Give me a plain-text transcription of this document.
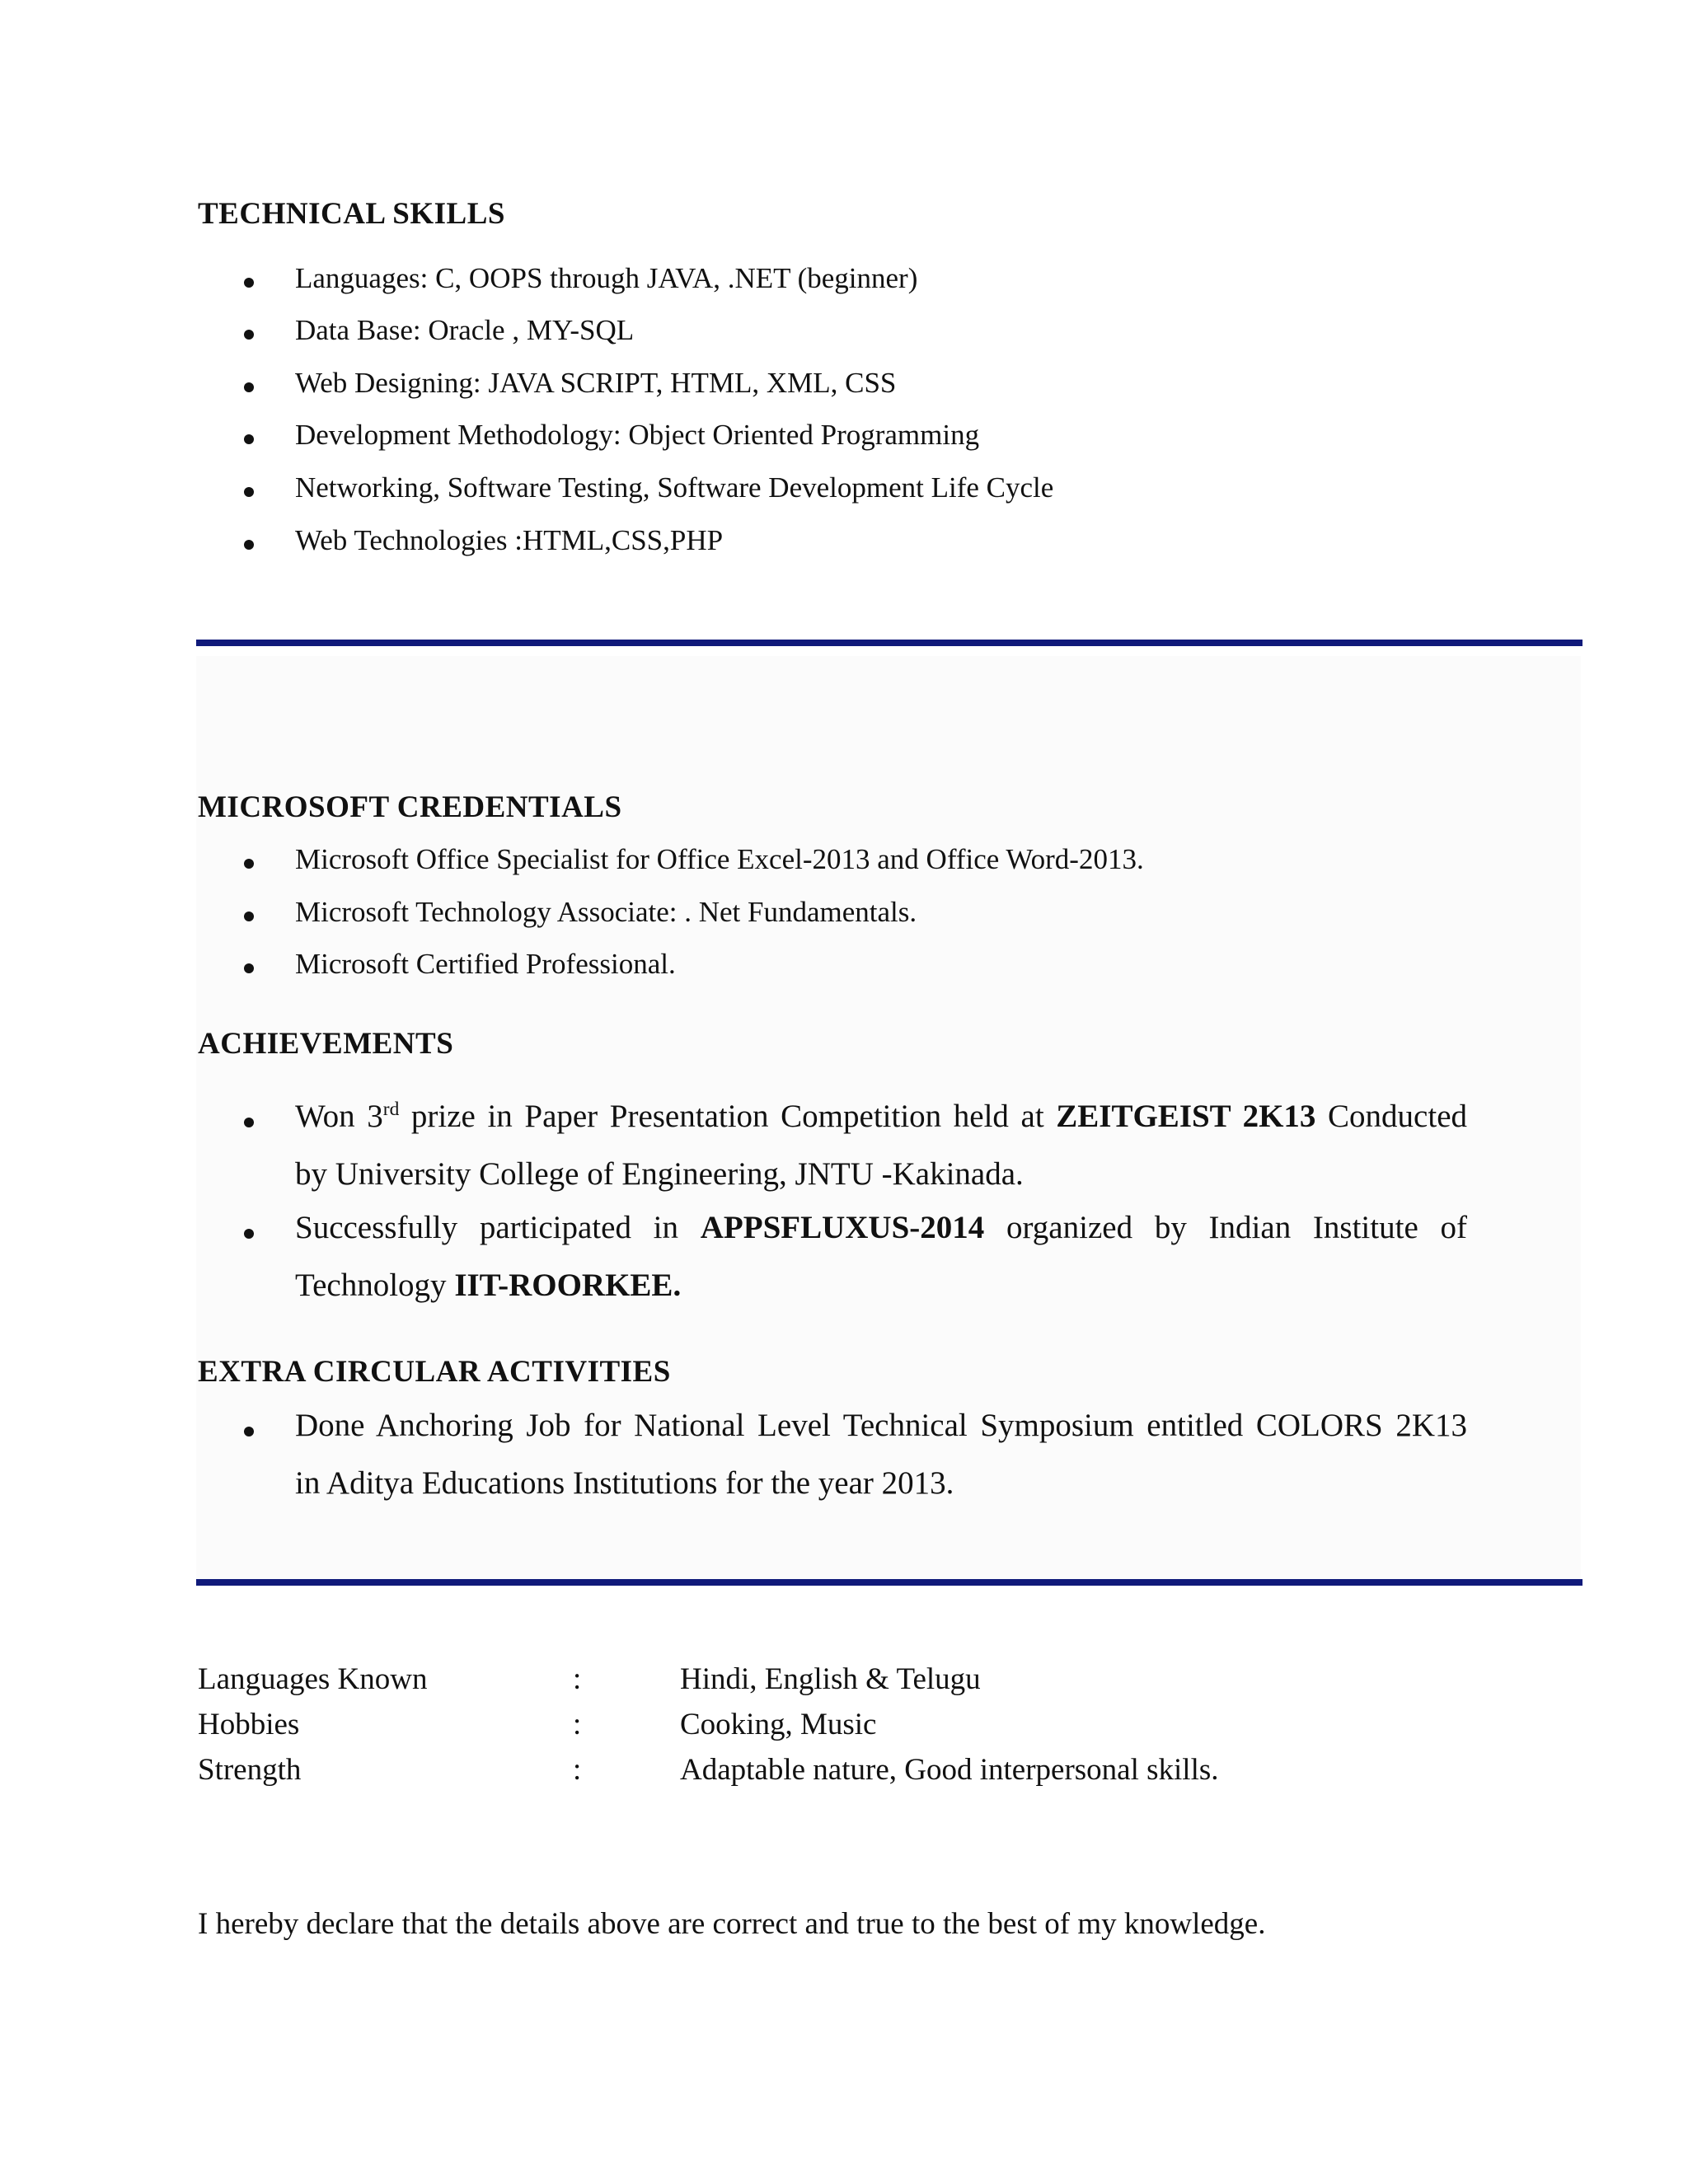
TECHNICAL SKILLS
Languages: C, OOPS through JAVA, .NET (beginner)
Data Base: Oracle , MY-SQL
Web Designing: JAVA SCRIPT, HTML, XML, CSS
Development Methodology: Object Oriented Programming
Networking, Software Testing, Software Development Life Cycle
Web Technologies :HTML,CSS,PHP
MICROSOFT CREDENTIALS
Microsoft Office Specialist for Office Excel-2013 and Office Word-2013.
Microsoft Technology Associate: . Net Fundamentals.
Microsoft Certified Professional.
ACHIEVEMENTS
Won 3rd prize in Paper Presentation Competition held at ZEITGEIST 2K13 Conducted
by University College of Engineering, JNTU -Kakinada.
Successfully participated in APPSFLUXUS-2014 organized by Indian Institute of
Technology IIT-ROORKEE.
EXTRA CIRCULAR ACTIVITIES
Done Anchoring Job for National Level Technical Symposium entitled COLORS 2K13
in Aditya Educations Institutions for the year 2013.
Languages Known	:	Hindi, English & Telugu
Hobbies	:	Cooking, Music
Strength	:	Adaptable nature, Good interpersonal skills.
I hereby declare that the details above are correct and true to the best of my knowledge.
